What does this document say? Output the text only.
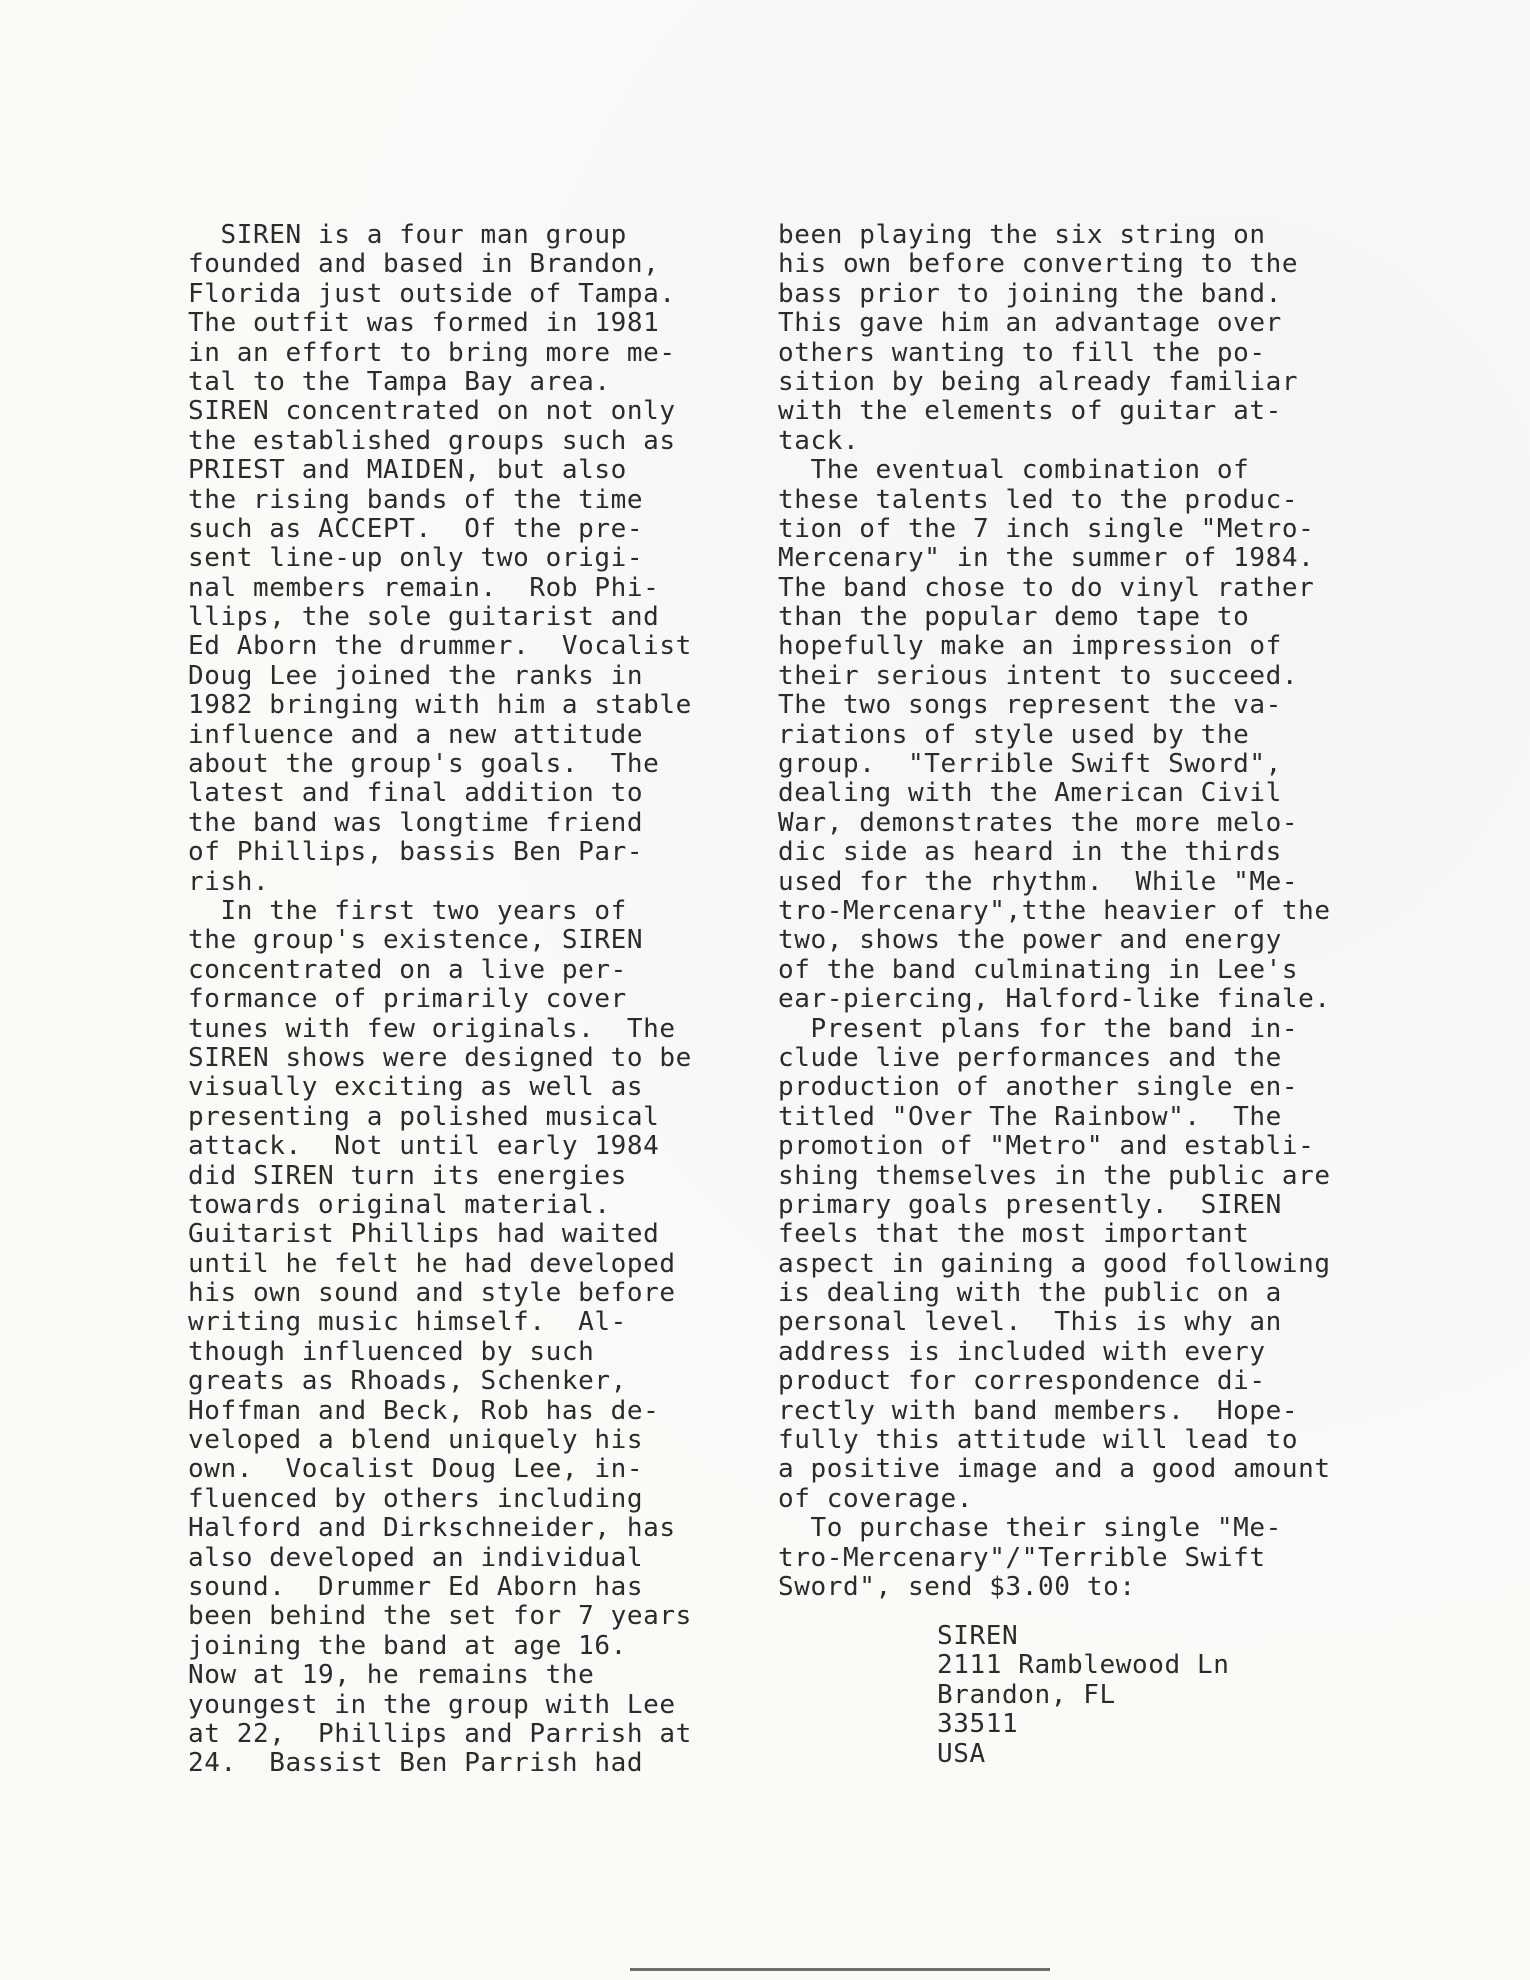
SIREN is a four man group
founded and based in Brandon,
Florida just outside of Tampa.
The outfit was formed in 1981
in an effort to bring more me-
tal to the Tampa Bay area.
SIREN concentrated on not only
the established groups such as
PRIEST and MAIDEN, but also
the rising bands of the time
such as ACCEPT.  Of the pre-
sent line-up only two origi-
nal members remain.  Rob Phi-
llips, the sole guitarist and
Ed Aborn the drummer.  Vocalist
Doug Lee joined the ranks in
1982 bringing with him a stable
influence and a new attitude
about the group's goals.  The
latest and final addition to
the band was longtime friend
of Phillips, bassis Ben Par-
rish.
In the first two years of
the group's existence, SIREN
concentrated on a live per-
formance of primarily cover
tunes with few originals.  The
SIREN shows were designed to be
visually exciting as well as
presenting a polished musical
attack.  Not until early 1984
did SIREN turn its energies
towards original material.
Guitarist Phillips had waited
until he felt he had developed
his own sound and style before
writing music himself.  Al-
though influenced by such
greats as Rhoads, Schenker,
Hoffman and Beck, Rob has de-
veloped a blend uniquely his
own.  Vocalist Doug Lee, in-
fluenced by others including
Halford and Dirkschneider, has
also developed an individual
sound.  Drummer Ed Aborn has
been behind the set for 7 years
joining the band at age 16.
Now at 19, he remains the
youngest in the group with Lee
at 22,  Phillips and Parrish at
24.  Bassist Ben Parrish had
been playing the six string on
his own before converting to the
bass prior to joining the band.
This gave him an advantage over
others wanting to fill the po-
sition by being already familiar
with the elements of guitar at-
tack.
The eventual combination of
these talents led to the produc-
tion of the 7 inch single "Metro-
Mercenary" in the summer of 1984.
The band chose to do vinyl rather
than the popular demo tape to
hopefully make an impression of
their serious intent to succeed.
The two songs represent the va-
riations of style used by the
group.  "Terrible Swift Sword",
dealing with the American Civil
War, demonstrates the more melo-
dic side as heard in the thirds
used for the rhythm.  While "Me-
tro-Mercenary",tthe heavier of the
two, shows the power and energy
of the band culminating in Lee's
ear-piercing, Halford-like finale.
Present plans for the band in-
clude live performances and the
production of another single en-
titled "Over The Rainbow".  The
promotion of "Metro" and establi-
shing themselves in the public are
primary goals presently.  SIREN
feels that the most important
aspect in gaining a good following
is dealing with the public on a
personal level.  This is why an
address is included with every
product for correspondence di-
rectly with band members.  Hope-
fully this attitude will lead to
a positive image and a good amount
of coverage.
To purchase their single "Me-
tro-Mercenary"/"Terrible Swift
Sword", send $3.00 to:
SIREN
2111 Ramblewood Ln
Brandon, FL
33511
USA
